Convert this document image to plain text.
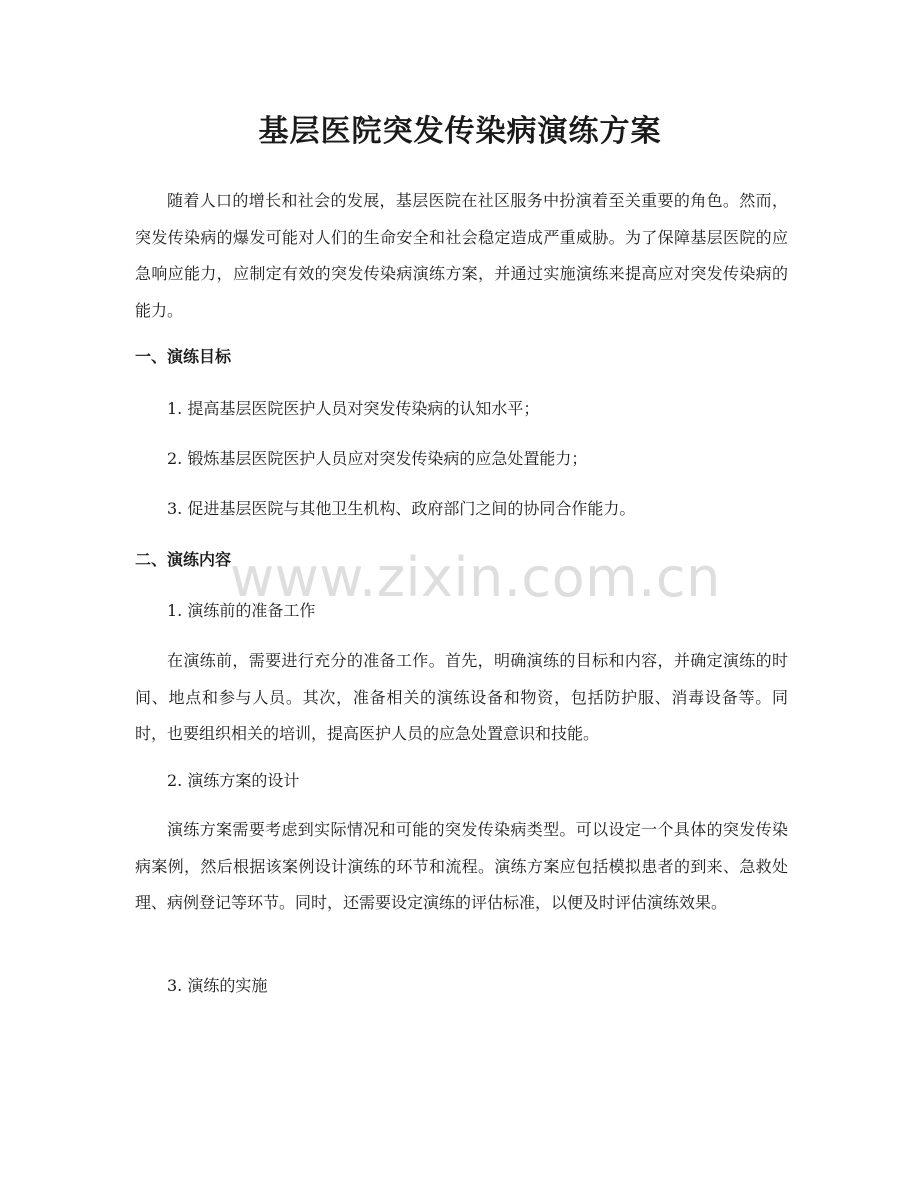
基层医院突发传染病演练方案

随着人口的增长和社会的发展，基层医院在社区服务中扮演着至关重要的角色。然而，突发传染病的爆发可能对人们的生命安全和社会稳定造成严重威胁。为了保障基层医院的应急响应能力，应制定有效的突发传染病演练方案，并通过实施演练来提高应对突发传染病的能力。

一、演练目标

1. 提高基层医院医护人员对突发传染病的认知水平；

2. 锻炼基层医院医护人员应对突发传染病的应急处置能力；

3. 促进基层医院与其他卫生机构、政府部门之间的协同合作能力。

二、演练内容

1. 演练前的准备工作

在演练前，需要进行充分的准备工作。首先，明确演练的目标和内容，并确定演练的时间、地点和参与人员。其次，准备相关的演练设备和物资，包括防护服、消毒设备等。同时，也要组织相关的培训，提高医护人员的应急处置意识和技能。

2. 演练方案的设计

演练方案需要考虑到实际情况和可能的突发传染病类型。可以设定一个具体的突发传染病案例，然后根据该案例设计演练的环节和流程。演练方案应包括模拟患者的到来、急救处理、病例登记等环节。同时，还需要设定演练的评估标准，以便及时评估演练效果。

3. 演练的实施

www.zixin.com.cn
